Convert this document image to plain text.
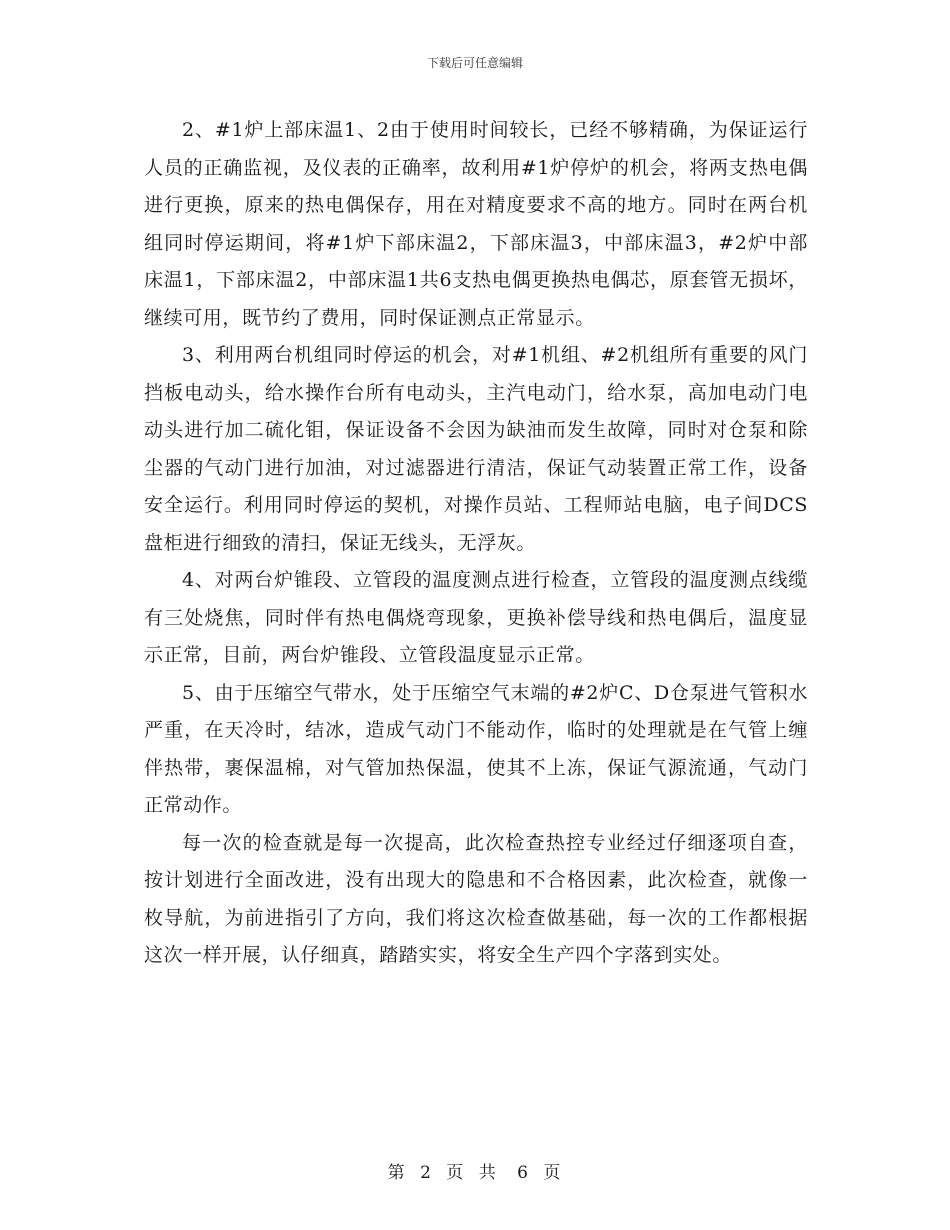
下载后可任意编辑

2、#1炉上部床温1、2由于使用时间较长，已经不够精确，为保证运行人员的正确监视，及仪表的正确率，故利用#1炉停炉的机会，将两支热电偶进行更换，原来的热电偶保存，用在对精度要求不高的地方。同时在两台机组同时停运期间，将#1炉下部床温2，下部床温3，中部床温3，#2炉中部床温1，下部床温2，中部床温1共6支热电偶更换热电偶芯，原套管无损坏，继续可用，既节约了费用，同时保证测点正常显示。

3、利用两台机组同时停运的机会，对#1机组、#2机组所有重要的风门挡板电动头，给水操作台所有电动头，主汽电动门，给水泵，高加电动门电动头进行加二硫化钼，保证设备不会因为缺油而发生故障，同时对仓泵和除尘器的气动门进行加油，对过滤器进行清洁，保证气动装置正常工作，设备安全运行。利用同时停运的契机，对操作员站、工程师站电脑，电子间DCS盘柜进行细致的清扫，保证无线头，无浮灰。

4、对两台炉锥段、立管段的温度测点进行检查，立管段的温度测点线缆有三处烧焦，同时伴有热电偶烧弯现象，更换补偿导线和热电偶后，温度显示正常，目前，两台炉锥段、立管段温度显示正常。

5、由于压缩空气带水，处于压缩空气末端的#2炉C、D仓泵进气管积水严重，在天冷时，结冰，造成气动门不能动作，临时的处理就是在气管上缠伴热带，裹保温棉，对气管加热保温，使其不上冻，保证气源流通，气动门正常动作。

每一次的检查就是每一次提高，此次检查热控专业经过仔细逐项自查，按计划进行全面改进，没有出现大的隐患和不合格因素，此次检查，就像一枚导航，为前进指引了方向，我们将这次检查做基础，每一次的工作都根据这次一样开展，认仔细真，踏踏实实，将安全生产四个字落到实处。

第 2 页 共 6 页
